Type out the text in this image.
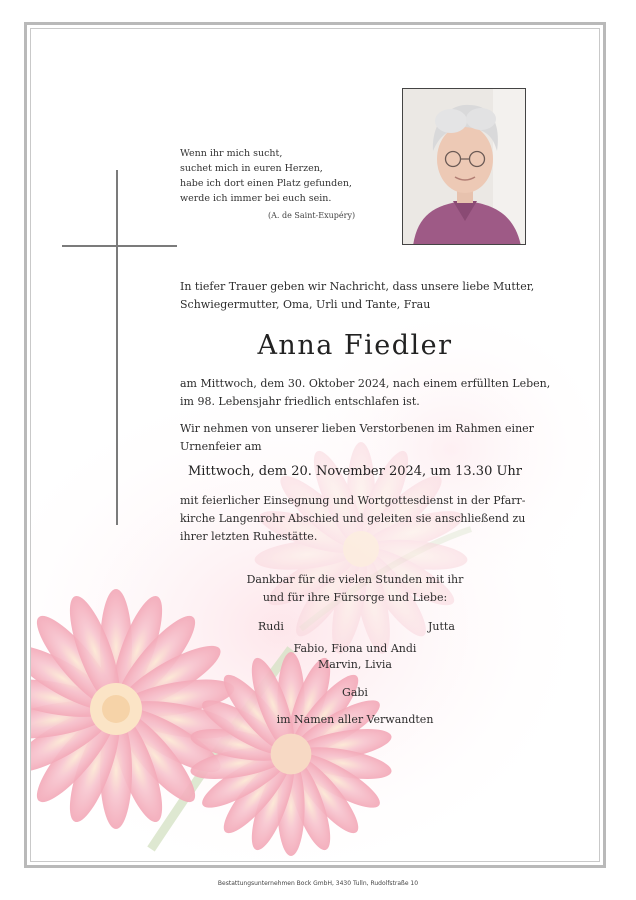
Wenn ihr mich sucht,
suchet mich in euren Herzen,
habe ich dort einen Platz gefunden,
werde ich immer bei euch sein.
(A. de Saint-Exupéry)
In tiefer Trauer geben wir Nachricht, dass unsere liebe Mutter,
Schwiegermutter, Oma, Urli und Tante, Frau
Anna Fiedler
am Mittwoch, dem 30. Oktober 2024, nach einem erfüllten Leben,
im 98. Lebensjahr friedlich entschlafen ist.
Wir nehmen von unserer lieben Verstorbenen im Rahmen einer
Urnenfeier am
Mittwoch, dem 20. November 2024, um 13.30 Uhr
mit feierlicher Einsegnung und Wortgottesdienst in der Pfarr-
kirche Langenrohr Abschied und geleiten sie anschließend zu
ihrer letzten Ruhestätte.
Dankbar für die vielen Stunden mit ihr
und für ihre Fürsorge und Liebe:
Rudi	Jutta
Fabio, Fiona und Andi
Marvin, Livia
Gabi
im Namen aller Verwandten
Bestattungsunternehmen Bock GmbH, 3430 Tulln, Rudolfstraße 10
